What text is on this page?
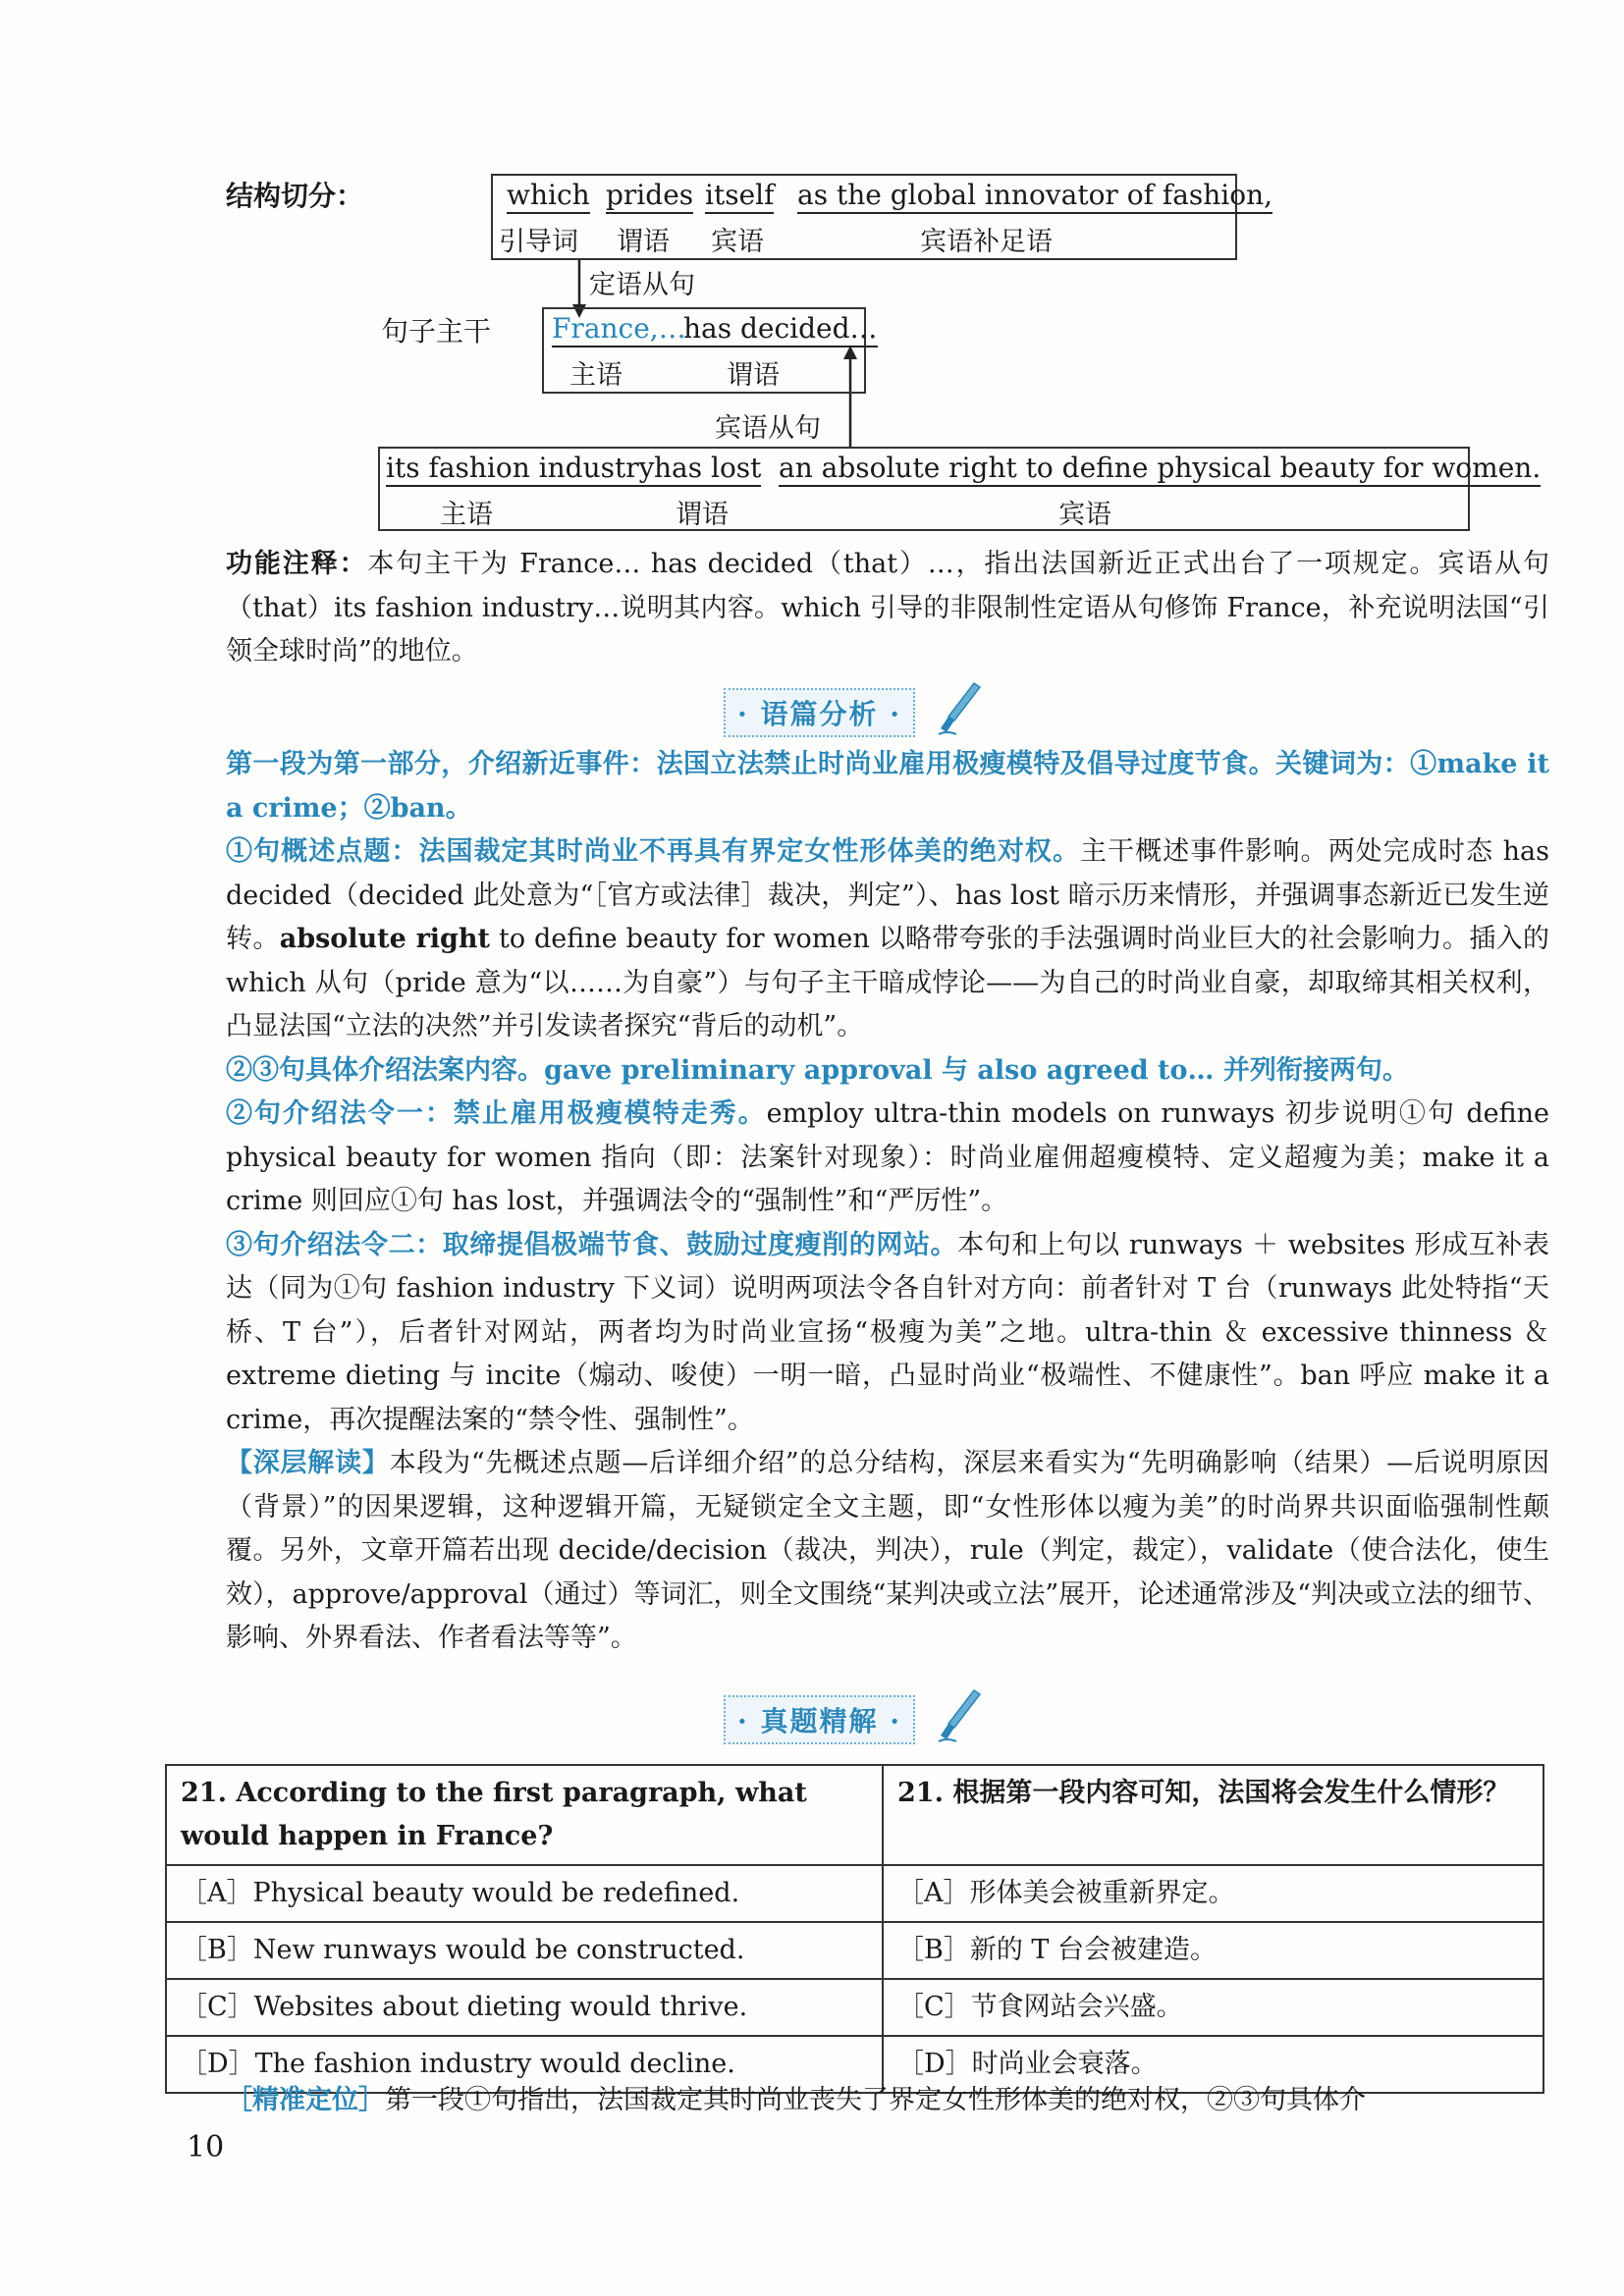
结构切分：	which prides itself as the global innovator of fashion,
引导词 谓语 宾语	宾语补足语
定语从句
句子主干 France,…
has decided…
主语	谓语
宾语从句
its fashion industry has lost an absolute right to define physical beauty for women.
主语	谓语	宾语

功能注释：本句主干为 France… has decided（that）…，指出法国新近正式出台了一项规定。宾语从句（that）its fashion industry…说明其内容。which 引导的非限制性定语从句修饰 France，补充说明法国“引领全球时尚”的地位。

· 语篇分析 ·

第一段为第一部分，介绍新近事件：法国立法禁止时尚业雇用极瘦模特及倡导过度节食。关键词为：①make it a crime；②ban。

①句概述点题：法国裁定其时尚业不再具有界定女性形体美的绝对权。主干概述事件影响。两处完成时态 has decided（decided 此处意为“［官方或法律］裁决，判定”）、has lost 暗示历来情形，并强调事态新近已发生逆转。absolute right to define beauty for women 以略带夸张的手法强调时尚业巨大的社会影响力。插入的 which 从句（pride 意为“以……为自豪”）与句子主干暗成悖论——为自己的时尚业自豪，却取缔其相关权利，凸显法国“立法的决然”并引发读者探究“背后的动机”。

②③句具体介绍法案内容。gave preliminary approval 与 also agreed to… 并列衔接两句。

②句介绍法令一：禁止雇用极瘦模特走秀。employ ultra-thin models on runways 初步说明①句 define physical beauty for women 指向（即：法案针对现象）：时尚业雇佣超瘦模特、定义超瘦为美；make it a crime 则回应①句 has lost，并强调法令的“强制性”和“严厉性”。

③句介绍法令二：取缔提倡极端节食、鼓励过度瘦削的网站。本句和上句以 runways ＋ websites 形成互补表达（同为①句 fashion industry 下义词）说明两项法令各自针对方向：前者针对 T 台（runways 此处特指“天桥、T 台”），后者针对网站，两者均为时尚业宣扬“极瘦为美”之地。ultra-thin ＆ excessive thinness ＆ extreme dieting 与 incite（煽动、唆使）一明一暗，凸显时尚业“极端性、不健康性”。ban 呼应 make it a crime，再次提醒法案的“禁令性、强制性”。

【深层解读】本段为“先概述点题—后详细介绍”的总分结构，深层来看实为“先明确影响（结果）—后说明原因（背景）”的因果逻辑，这种逻辑开篇，无疑锁定全文主题，即“女性形体以瘦为美”的时尚界共识面临强制性颠覆。另外，文章开篇若出现 decide/decision（裁决，判决），rule（判定，裁定），validate（使合法化，使生效），approve/approval（通过）等词汇，则全文围绕“某判决或立法”展开，论述通常涉及“判决或立法的细节、影响、外界看法、作者看法等等”。

· 真题精解 ·
21. According to the first paragraph, what would happen in France?	21. 根据第一段内容可知，法国将会发生什么情形？
［A］Physical beauty would be redefined.	［A］形体美会被重新界定。
［B］New runways would be constructed.	［B］新的 T 台会被建造。
［C］Websites about dieting would thrive.	［C］节食网站会兴盛。
［D］The fashion industry would decline.	［D］时尚业会衰落。

［精准定位］第一段①句指出，法国裁定其时尚业丧失了界定女性形体美的绝对权，②③句具体介

10
